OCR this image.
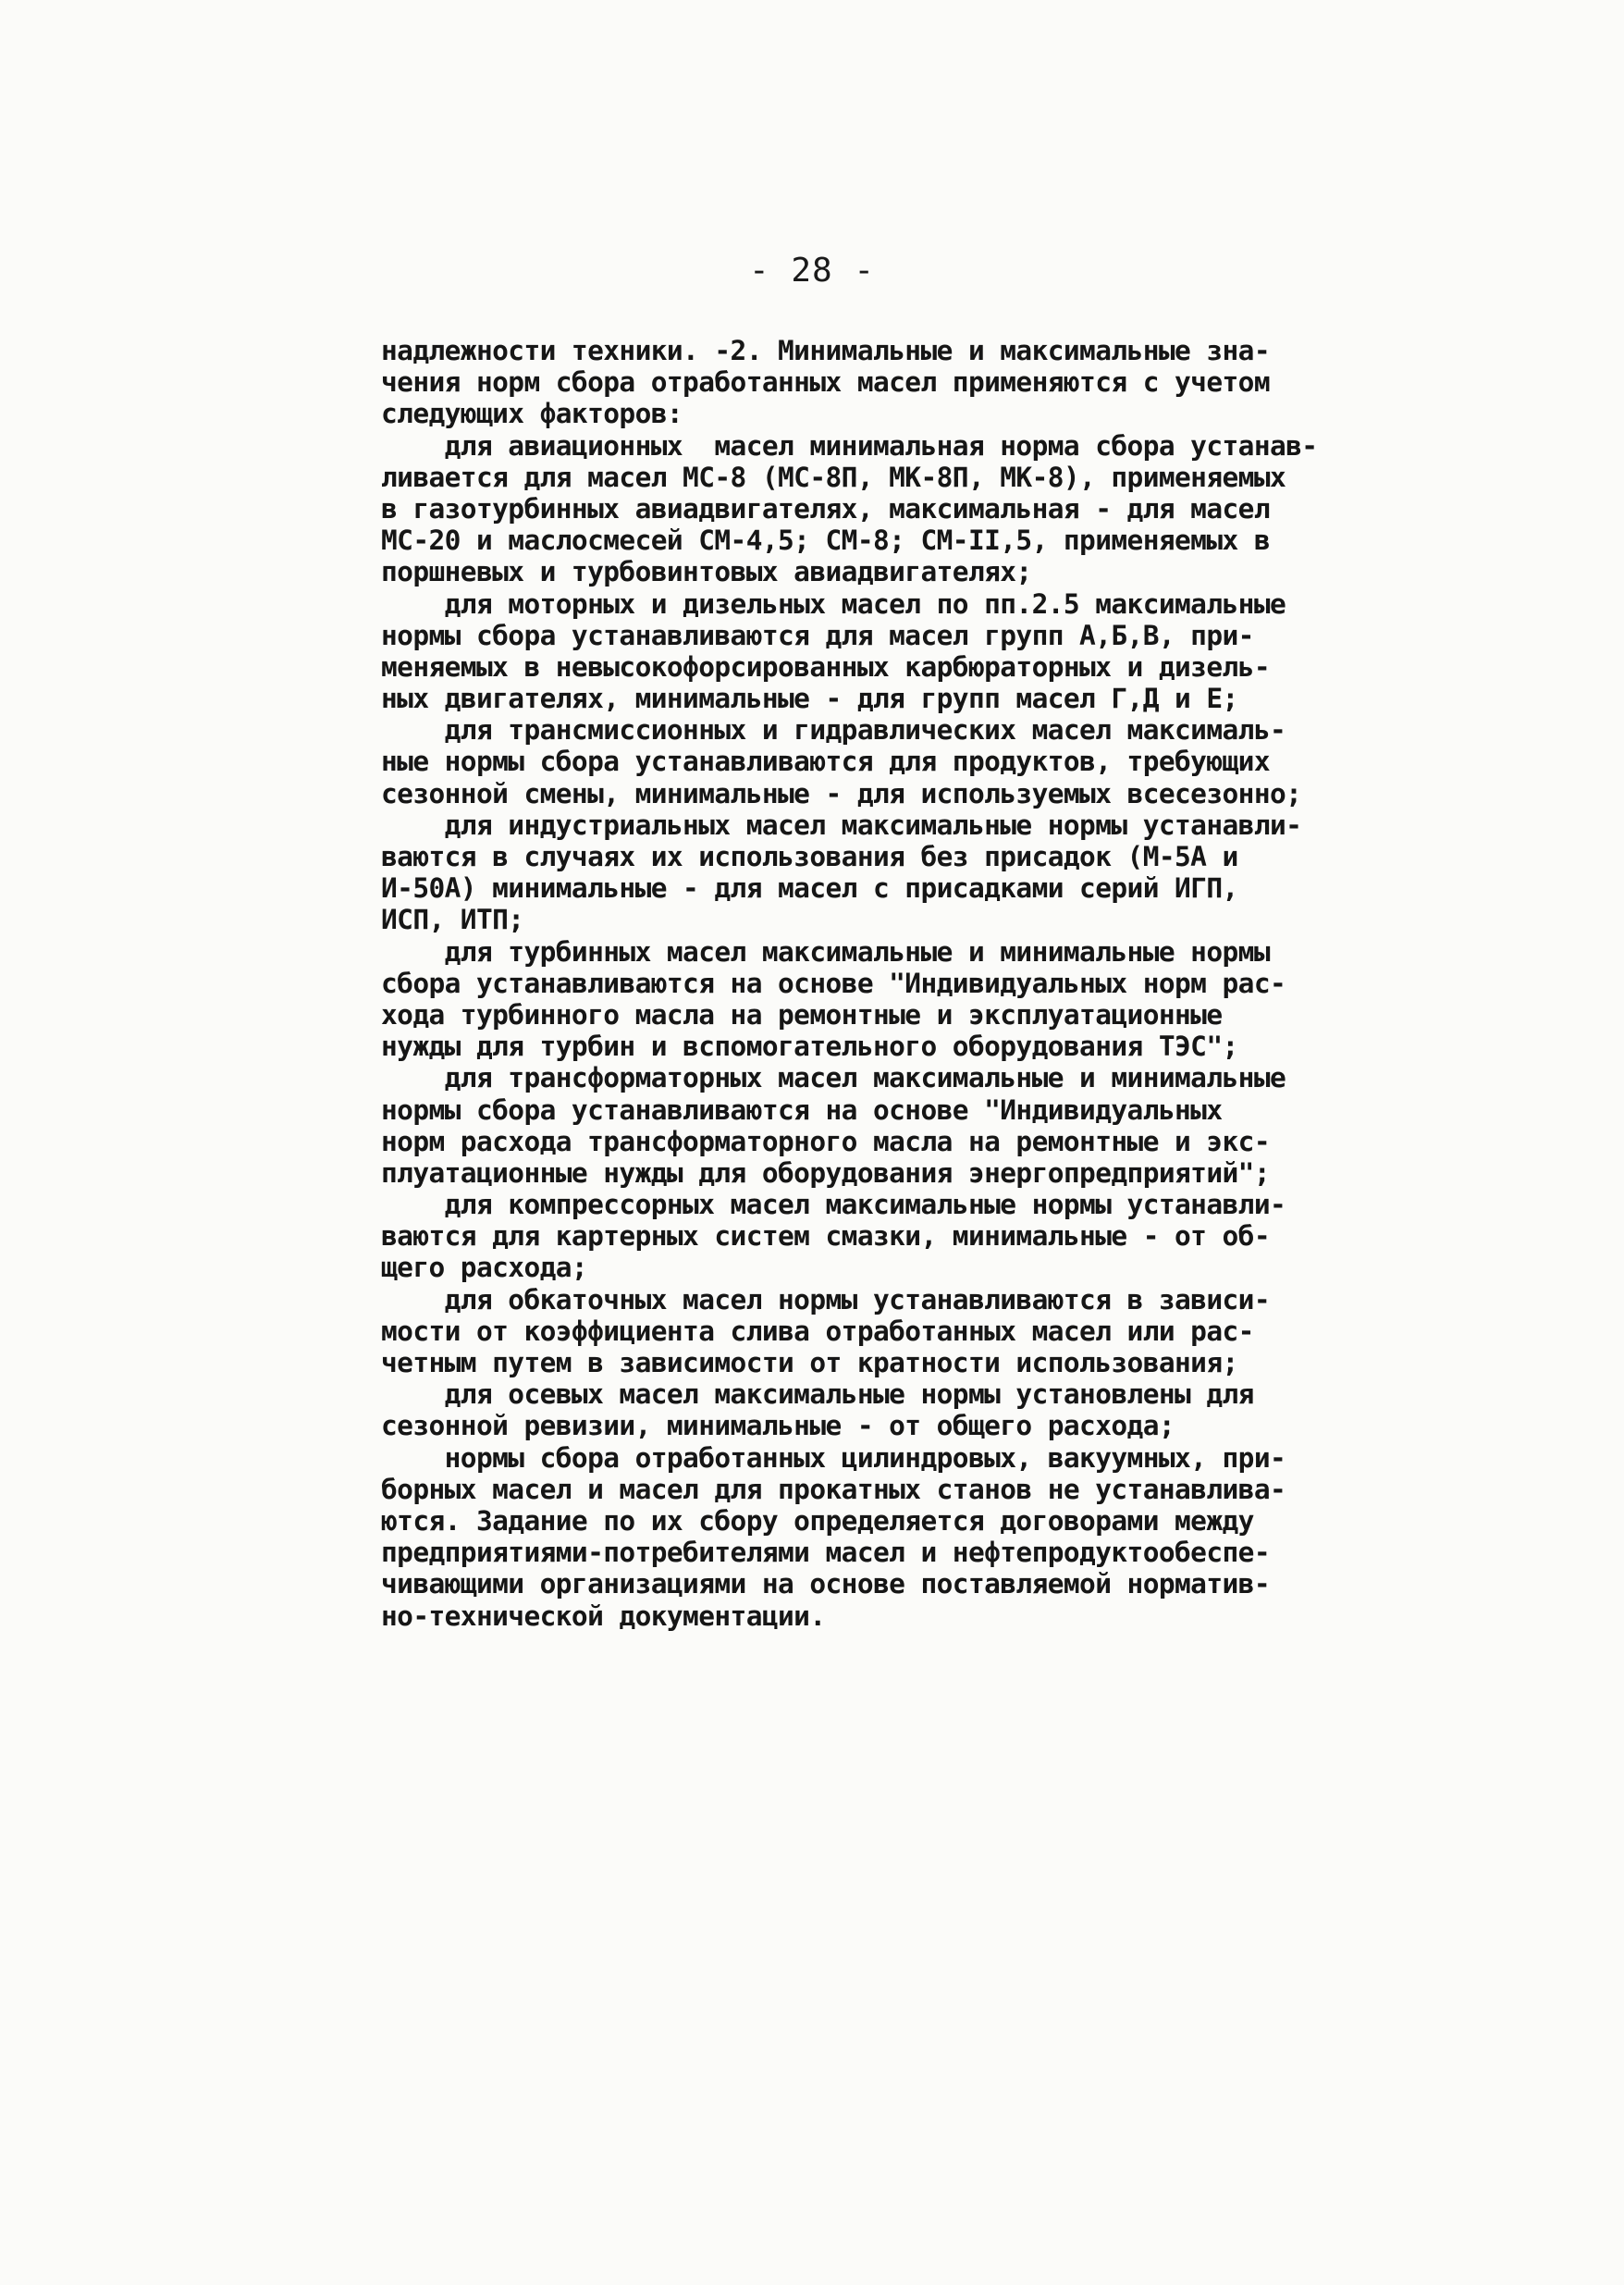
- 28 -
надлежности техники. -2. Минимальные и максимальные зна-
чения норм сбора отработанных масел применяются с учетом
следующих факторов:
для авиационных  масел минимальная норма сбора устанав-
ливается для масел МС-8 (МС-8П, МК-8П, МК-8), применяемых
в газотурбинных авиадвигателях, максимальная - для масел
МС-20 и маслосмесей СМ-4,5; СМ-8; СМ-II,5, применяемых в
поршневых и турбовинтовых авиадвигателях;
для моторных и дизельных масел по пп.2.5 максимальные
нормы сбора устанавливаются для масел групп А,Б,В, при-
меняемых в невысокофорсированных карбюраторных и дизель-
ных двигателях, минимальные - для групп масел Г,Д и Е;
для трансмиссионных и гидравлических масел максималь-
ные нормы сбора устанавливаются для продуктов, требующих
сезонной смены, минимальные - для используемых всесезонно;
для индустриальных масел максимальные нормы устанавли-
ваются в случаях их использования без присадок (М-5А и
И-50А) минимальные - для масел с присадками серий ИГП,
ИСП, ИТП;
для турбинных масел максимальные и минимальные нормы
сбора устанавливаются на основе "Индивидуальных норм рас-
хода турбинного масла на ремонтные и эксплуатационные
нужды для турбин и вспомогательного оборудования ТЭС";
для трансформаторных масел максимальные и минимальные
нормы сбора устанавливаются на основе "Индивидуальных
норм расхода трансформаторного масла на ремонтные и экс-
плуатационные нужды для оборудования энергопредприятий";
для компрессорных масел максимальные нормы устанавли-
ваются для картерных систем смазки, минимальные - от об-
щего расхода;
для обкаточных масел нормы устанавливаются в зависи-
мости от коэффициента слива отработанных масел или рас-
четным путем в зависимости от кратности использования;
для осевых масел максимальные нормы установлены для
сезонной ревизии, минимальные - от общего расхода;
нормы сбора отработанных цилиндровых, вакуумных, при-
борных масел и масел для прокатных станов не устанавлива-
ются. Задание по их сбору определяется договорами между
предприятиями-потребителями масел и нефтепродуктообеспе-
чивающими организациями на основе поставляемой норматив-
но-технической документации.
